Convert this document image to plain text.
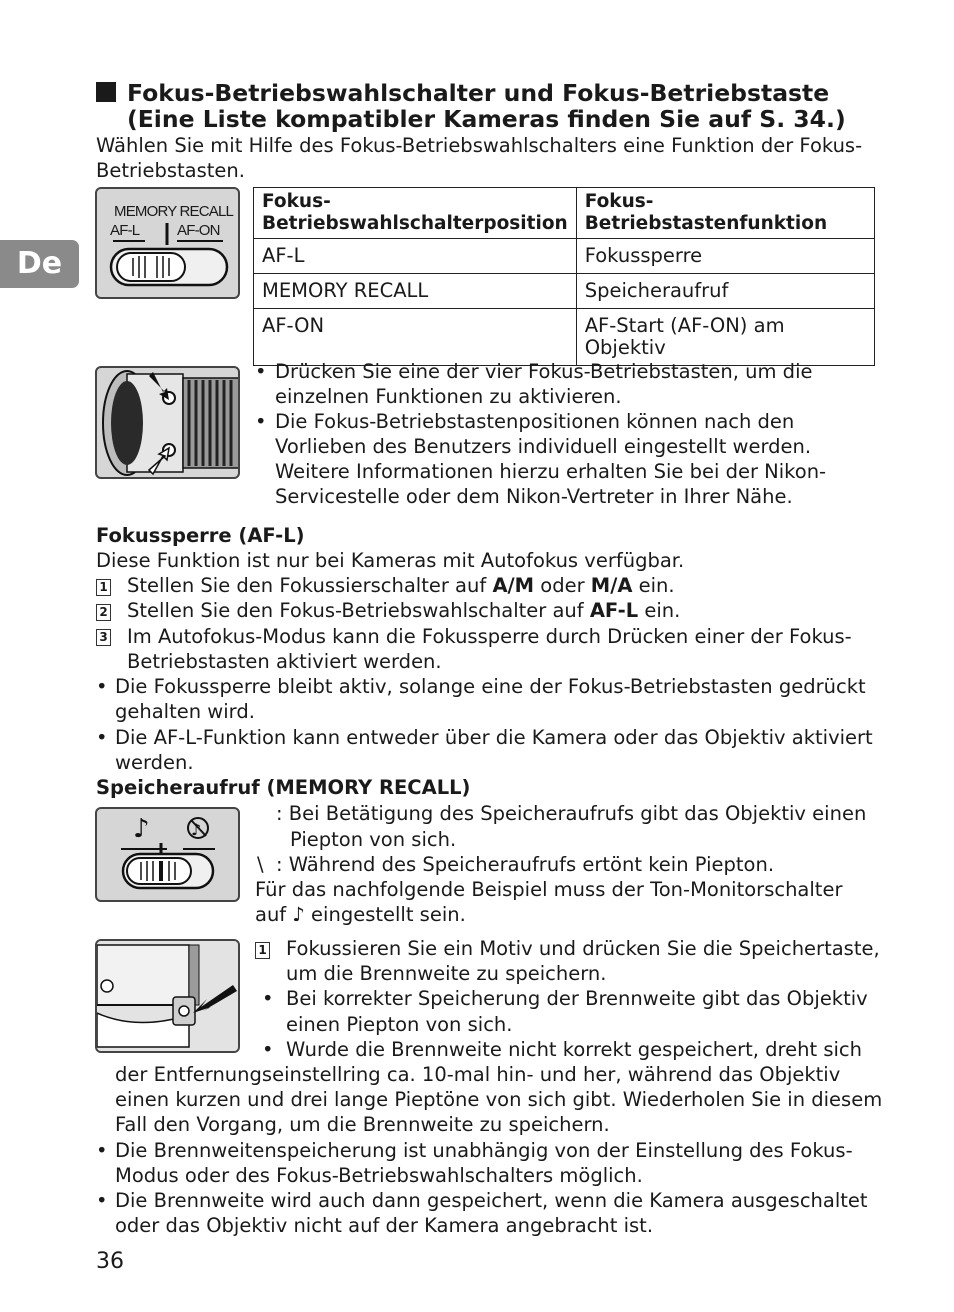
De
Fokus-Betriebswahlschalter und Fokus-Betriebstaste
(Eine Liste kompatibler Kameras finden Sie auf S. 34.)
Wählen Sie mit Hilfe des Fokus-Betriebswahlschalters eine Funktion der Fokus-
Betriebstasten.
MEMORY RECALL
AF-L	AF-ON
Fokus-
Betriebswahlschalterposition	Fokus-
Betriebstastenfunktion
AF-L	Fokussperre
MEMORY RECALL	Speicheraufruf
AF-ON	AF-Start (AF-ON) am Objektiv
• Drücken Sie eine der vier Fokus-Betriebstasten, um die
einzelnen Funktionen zu aktivieren.
• Die Fokus-Betriebstastenpositionen können nach den
Vorlieben des Benutzers individuell eingestellt werden.
Weitere Informationen hierzu erhalten Sie bei der Nikon-
Servicestelle oder dem Nikon-Vertreter in Ihrer Nähe.
Fokussperre (AF-L)
Diese Funktion ist nur bei Kameras mit Autofokus verfügbar.
1 Stellen Sie den Fokussierschalter auf A/M oder M/A ein.
2 Stellen Sie den Fokus-Betriebswahlschalter auf AF-L ein.
3 Im Autofokus-Modus kann die Fokussperre durch Drücken einer der Fokus-
Betriebstasten aktiviert werden.
• Die Fokussperre bleibt aktiv, solange eine der Fokus-Betriebstasten gedrückt
gehalten wird.
• Die AF-L-Funktion kann entweder über die Kamera oder das Objektiv aktiviert
werden.
Speicheraufruf (MEMORY RECALL)
♪	♪
: Bei Betätigung des Speicheraufrufs gibt das Objektiv einen
Piepton von sich.
\ : Während des Speicheraufrufs ertönt kein Piepton.
Für das nachfolgende Beispiel muss der Ton-Monitorschalter
auf ♪ eingestellt sein.
1 Fokussieren Sie ein Motiv und drücken Sie die Speichertaste,
um die Brennweite zu speichern.
• Bei korrekter Speicherung der Brennweite gibt das Objektiv
einen Piepton von sich.
• Wurde die Brennweite nicht korrekt gespeichert, dreht sich
der Entfernungseinstellring ca. 10-mal hin- und her, während das Objektiv
einen kurzen und drei lange Pieptöne von sich gibt. Wiederholen Sie in diesem
Fall den Vorgang, um die Brennweite zu speichern.
• Die Brennweitenspeicherung ist unabhängig von der Einstellung des Fokus-
Modus oder des Fokus-Betriebswahlschalters möglich.
• Die Brennweite wird auch dann gespeichert, wenn die Kamera ausgeschaltet
oder das Objektiv nicht auf der Kamera angebracht ist.
36
